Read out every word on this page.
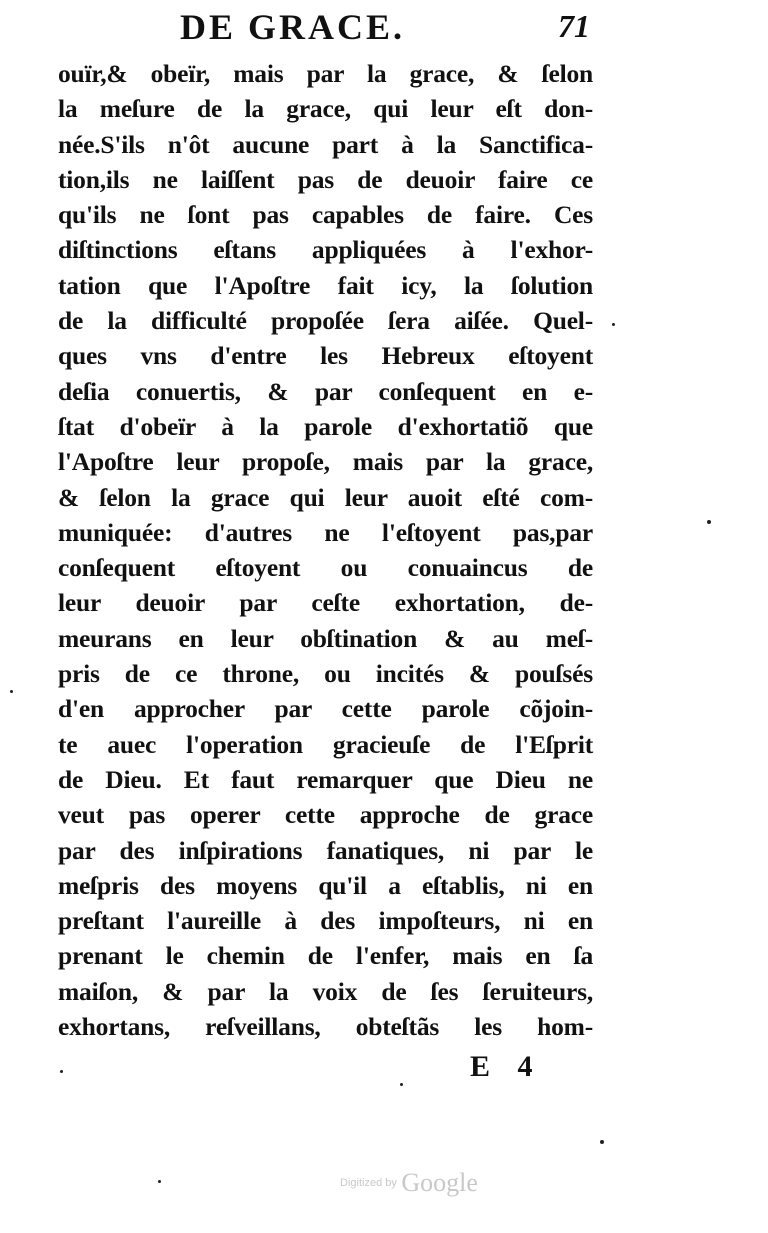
DE GRACE.	71
ouïr,& obeïr, mais par la grace, & ſelon
la meſure de la grace, qui leur eſt don-
née.S'ils n'ôt aucune part à la Sanctifica-
tion,ils ne laiſſent pas de deuoir faire ce
qu'ils ne ſont pas capables de faire. Ces
diſtinctions eſtans appliquées à l'exhor-
tation que l'Apoſtre fait icy, la ſolution
de la difficulté propoſée ſera aiſée. Quel-
ques vns d'entre les Hebreux eſtoyent
deſia conuertis, & par conſequent en e-
ſtat d'obeïr à la parole d'exhortatiõ que
l'Apoſtre leur propoſe, mais par la grace,
& ſelon la grace qui leur auoit eſté com-
muniquée: d'autres ne l'eſtoyent pas,par
conſequent eſtoyent ou conuaincus de
leur deuoir par ceſte exhortation, de-
meurans en leur obſtination & au meſ-
pris de ce throne, ou incités & pouſsés
d'en approcher par cette parole cõjoin-
te auec l'operation gracieuſe de l'Eſprit
de Dieu. Et faut remarquer que Dieu ne
veut pas operer cette approche de grace
par des inſpirations fanatiques, ni par le
meſpris des moyens qu'il a eſtablis, ni en
preſtant l'aureille à des impoſteurs, ni en
prenant le chemin de l'enfer, mais en ſa
maiſon, & par la voix de ſes ſeruiteurs,
exhortans, reſveillans, obteſtãs les hom-
E 4
Digitized by Google
